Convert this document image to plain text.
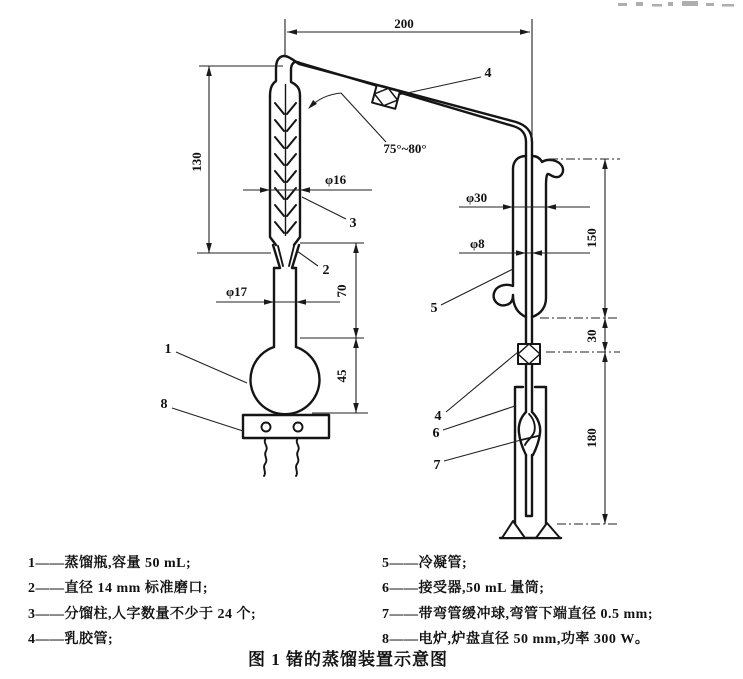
200
130
φ16
φ17	70
45
φ30
φ8	150
30
180
75°~80°
1
2
3
4
4
5
6
7
8
1——蒸馏瓶,容量 50 mL;
2——直径 14 mm 标准磨口;
3——分馏柱,人字数量不少于 24 个;
4——乳胶管;
5——冷凝管;
6——接受器,50 mL 量筒;
7——带弯管缓冲球,弯管下端直径 0.5 mm;
8——电炉,炉盘直径 50 mm,功率 300 W。
图 1 锗的蒸馏装置示意图
